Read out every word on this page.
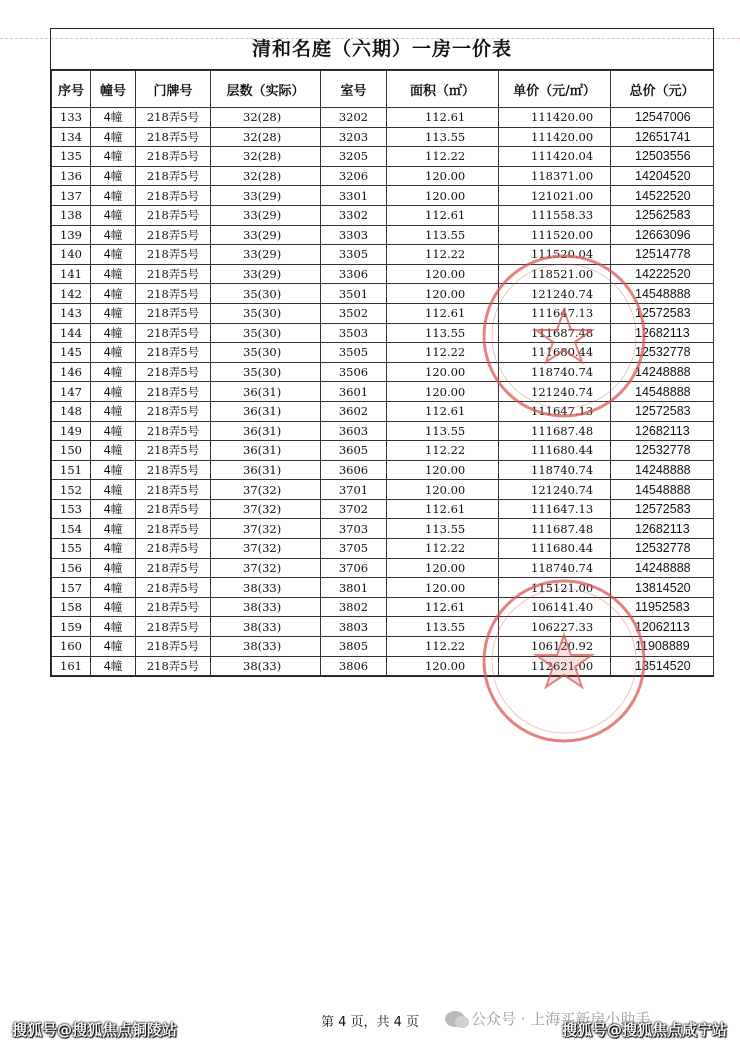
清和名庭（六期）一房一价表
序号	幢号	门牌号	层数（实际）	室号	面积（㎡）	单价（元/㎡）	总价（元）
133	4幢	218弄5号	32(28)	3202	112.61	111420.00	12547006
134	4幢	218弄5号	32(28)	3203	113.55	111420.00	12651741
135	4幢	218弄5号	32(28)	3205	112.22	111420.04	12503556
136	4幢	218弄5号	32(28)	3206	120.00	118371.00	14204520
137	4幢	218弄5号	33(29)	3301	120.00	121021.00	14522520
138	4幢	218弄5号	33(29)	3302	112.61	111558.33	12562583
139	4幢	218弄5号	33(29)	3303	113.55	111520.00	12663096
140	4幢	218弄5号	33(29)	3305	112.22	111520.04	12514778
141	4幢	218弄5号	33(29)	3306	120.00	118521.00	14222520
142	4幢	218弄5号	35(30)	3501	120.00	121240.74	14548888
143	4幢	218弄5号	35(30)	3502	112.61	111647.13	12572583
144	4幢	218弄5号	35(30)	3503	113.55	111687.48	12682113
145	4幢	218弄5号	35(30)	3505	112.22	111680.44	12532778
146	4幢	218弄5号	35(30)	3506	120.00	118740.74	14248888
147	4幢	218弄5号	36(31)	3601	120.00	121240.74	14548888
148	4幢	218弄5号	36(31)	3602	112.61	111647.13	12572583
149	4幢	218弄5号	36(31)	3603	113.55	111687.48	12682113
150	4幢	218弄5号	36(31)	3605	112.22	111680.44	12532778
151	4幢	218弄5号	36(31)	3606	120.00	118740.74	14248888
152	4幢	218弄5号	37(32)	3701	120.00	121240.74	14548888
153	4幢	218弄5号	37(32)	3702	112.61	111647.13	12572583
154	4幢	218弄5号	37(32)	3703	113.55	111687.48	12682113
155	4幢	218弄5号	37(32)	3705	112.22	111680.44	12532778
156	4幢	218弄5号	37(32)	3706	120.00	118740.74	14248888
157	4幢	218弄5号	38(33)	3801	120.00	115121.00	13814520
158	4幢	218弄5号	38(33)	3802	112.61	106141.40	11952583
159	4幢	218弄5号	38(33)	3803	113.55	106227.33	12062113
160	4幢	218弄5号	38(33)	3805	112.22	106120.92	11908889
161	4幢	218弄5号	38(33)	3806	120.00	112621.00	13514520
第 4 页，共 4 页	公众号 · 上海买新房小助手
搜狐号@搜狐焦点铜陵站	搜狐号@搜狐焦点咸宁站
